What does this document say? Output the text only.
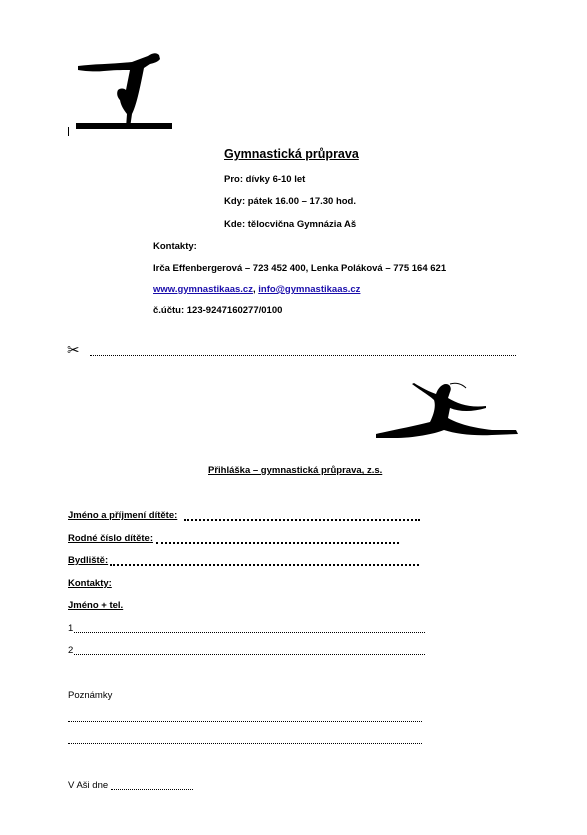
Gymnastická průprava
Pro: dívky 6-10 let
Kdy: pátek 16.00 – 17.30 hod.
Kde: tělocvična Gymnázia Aš
Kontakty:
Irča Effenbergerová – 723 452 400, Lenka Poláková – 775 164 621
www.gymnastikaas.cz, info@gymnastikaas.cz
č.účtu: 123-9247160277/0100
✂
Přihláška – gymnastická průprava, z.s.
Jméno a příjmení dítěte:
Rodné číslo dítěte:
Bydliště:
Kontakty:
Jméno + tel.
1
2
Poznámky
V Aši dne
